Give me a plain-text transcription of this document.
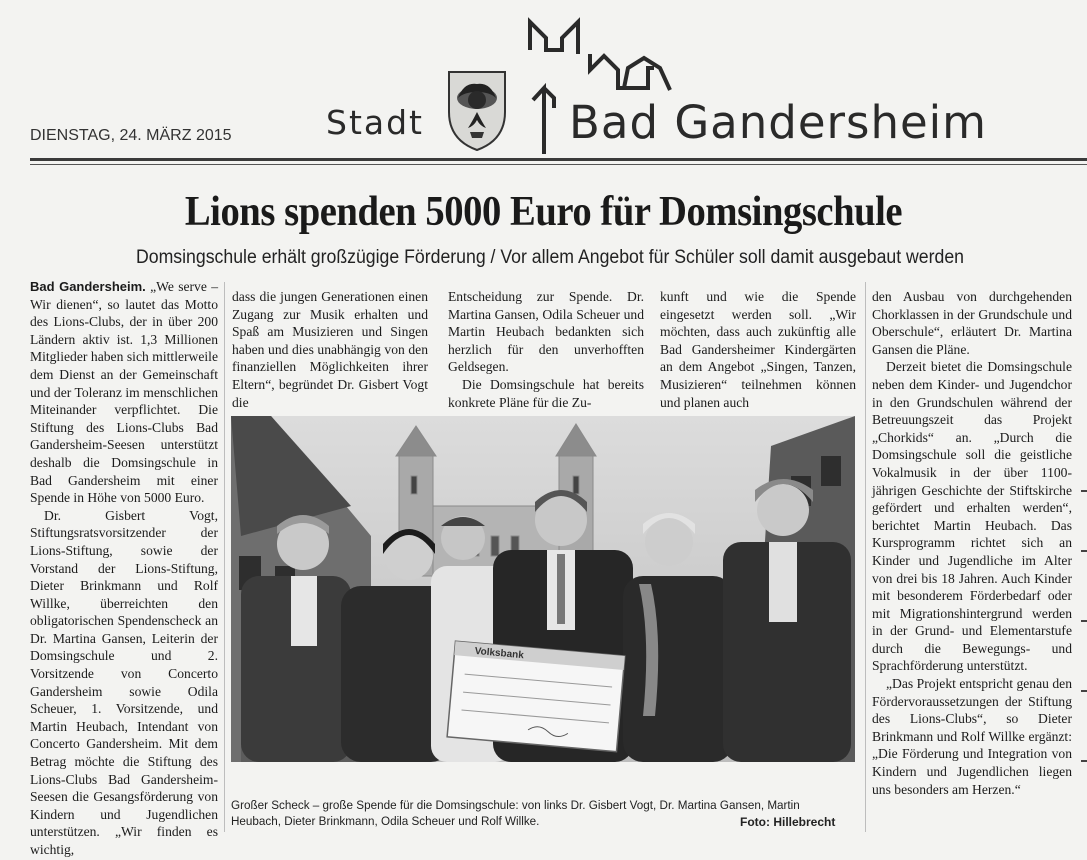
Stadt	Bad Gandersheim
DIENSTAG, 24. MÄRZ 2015
Lions spenden 5000 Euro für Domsingschule
Domsingschule erhält großzügige Förderung / Vor allem Angebot für Schüler soll damit ausgebaut werden

Bad Gandersheim. „We serve – Wir dienen“, so lautet das Motto des Lions-Clubs, der in über 200 Ländern aktiv ist. 1,3 Millionen Mitglieder haben sich mittlerweile dem Dienst an der Gemeinschaft und der Toleranz im menschlichen Miteinander verpflichtet. Die Stiftung des Lions-Clubs Bad Gandersheim-Seesen unterstützt deshalb die Domsingschule in Bad Gandersheim mit einer Spende in Höhe von 5000 Euro.

Dr. Gisbert Vogt, Stiftungsratsvorsitzender der Lions-Stiftung, sowie der Vorstand der Lions-Stiftung, Dieter Brinkmann und Rolf Willke, überreichten den obligatorischen Spendenscheck an Dr. Martina Gansen, Leiterin der Domsingschule und 2. Vorsitzende von Concerto Gandersheim sowie Odila Scheuer, 1. Vorsitzende, und Martin Heubach, Intendant von Concerto Gandersheim. Mit dem Betrag möchte die Stiftung des Lions-Clubs Bad Gandersheim-Seesen die Gesangsförderung von Kindern und Jugendlichen unterstützen. „Wir finden es wichtig,

dass die jungen Generationen einen Zugang zur Musik erhalten und Spaß am Musizieren und Singen haben und dies unabhängig von den finanziellen Möglichkeiten ihrer Eltern“, begründet Dr. Gisbert Vogt die

Entscheidung zur Spende. Dr. Martina Gansen, Odila Scheuer und Martin Heubach bedankten sich herzlich für den unverhofften Geldsegen.

Die Domsingschule hat bereits konkrete Pläne für die Zu-

kunft und wie die Spende eingesetzt werden soll. „Wir möchten, dass auch zukünftig alle Bad Gandersheimer Kindergärten an dem Angebot „Singen, Tanzen, Musizieren“ teilnehmen können und planen auch

den Ausbau von durchgehenden Chorklassen in der Grundschule und Oberschule“, erläutert Dr. Martina Gansen die Pläne.

Derzeit bietet die Domsingschule neben dem Kinder- und Jugendchor in den Grundschulen während der Betreuungszeit das Projekt „Chorkids“ an. „Durch die Domsingschule soll die geistliche Vokalmusik in der über 1100-jährigen Geschichte der Stiftskirche gefördert und erhalten werden“, berichtet Martin Heubach. Das Kursprogramm richtet sich an Kinder und Jugendliche im Alter von drei bis 18 Jahren. Auch Kinder mit besonderem Förderbedarf oder mit Migrationshintergrund werden in der Grund- und Elementarstufe durch die Bewegungs- und Sprachförderung unterstützt.

„Das Projekt entspricht genau den Fördervoraussetzungen der Stiftung des Lions-Clubs“, so Dieter Brinkmann und Rolf Willke ergänzt: „Die Förderung und Integration von Kindern und Jugendlichen liegen uns besonders am Herzen.“

Volksbank
Großer Scheck – große Spende für die Domsingschule: von links Dr. Gisbert Vogt, Dr. Martina Gansen, Martin Heubach, Dieter Brinkmann, Odila Scheuer und Rolf Willke.	Foto: Hillebrecht
